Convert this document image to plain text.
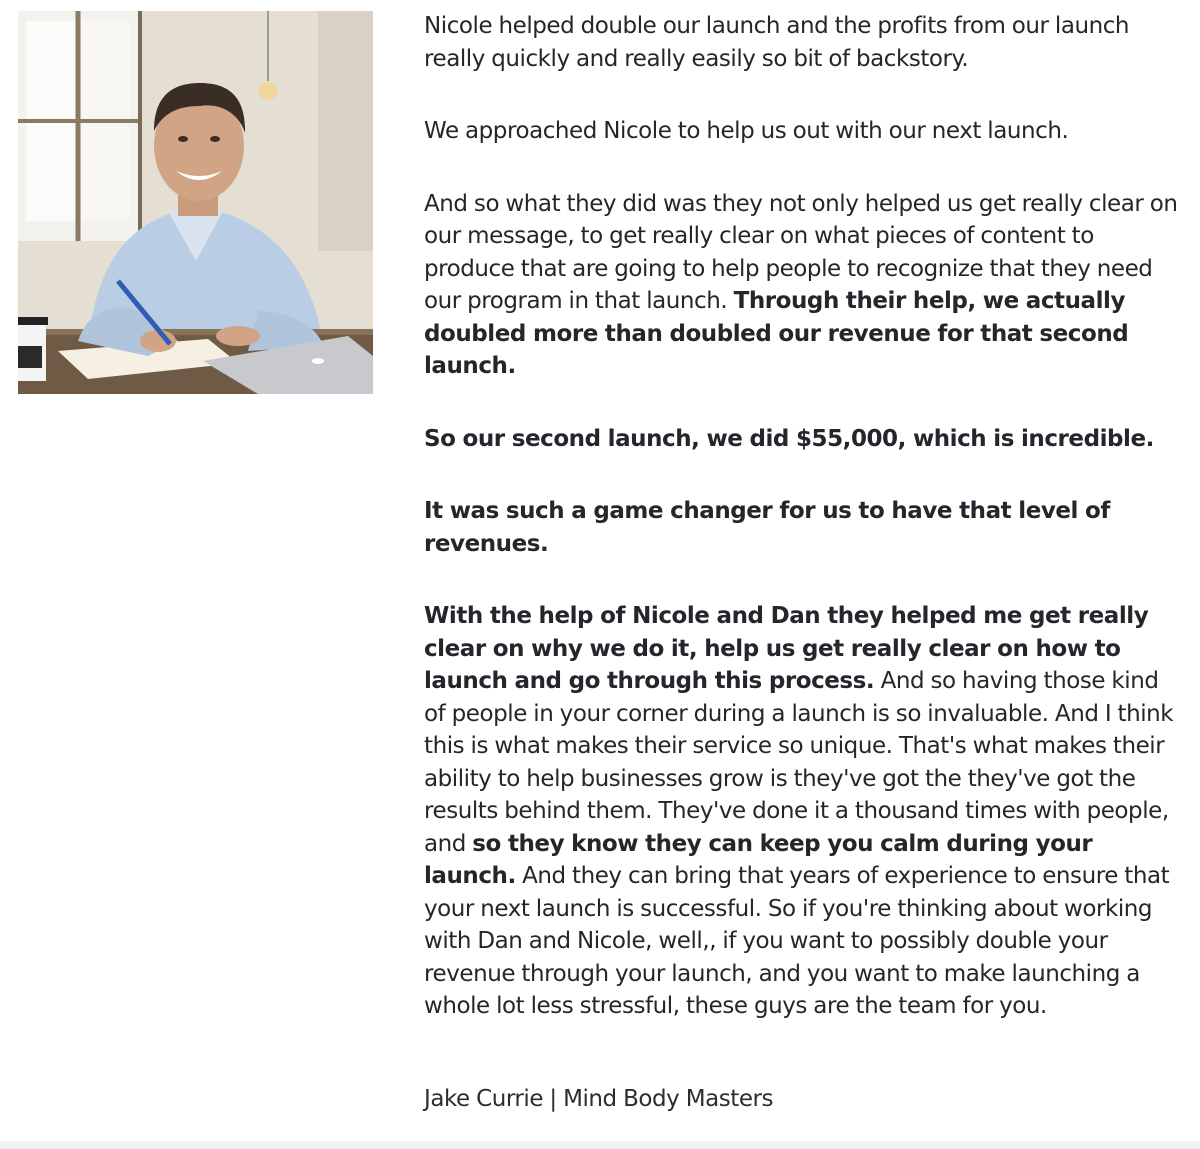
Nicole helped double our launch and the profits from our launch really quickly and really easily so bit of backstory.

We approached Nicole to help us out with our next launch.

And so what they did was they not only helped us get really clear on our message, to get really clear on what pieces of content to produce that are going to help people to recognize that they need our program in that launch. Through their help, we actually doubled more than doubled our revenue for that second launch.

So our second launch, we did $55,000, which is incredible.

It was such a game changer for us to have that level of revenues.

With the help of Nicole and Dan they helped me get really clear on why we do it, help us get really clear on how to launch and go through this process. And so having those kind of people in your corner during a launch is so invaluable. And I think this is what makes their service so unique. That's what makes their ability to help businesses grow is they've got the they've got the results behind them. They've done it a thousand times with people, and so they know they can keep you calm during your launch. And they can bring that years of experience to ensure that your next launch is successful. So if you're thinking about working with Dan and Nicole, well,, if you want to possibly double your revenue through your launch, and you want to make launching a whole lot less stressful, these guys are the team for you.

Jake Currie | Mind Body Masters
